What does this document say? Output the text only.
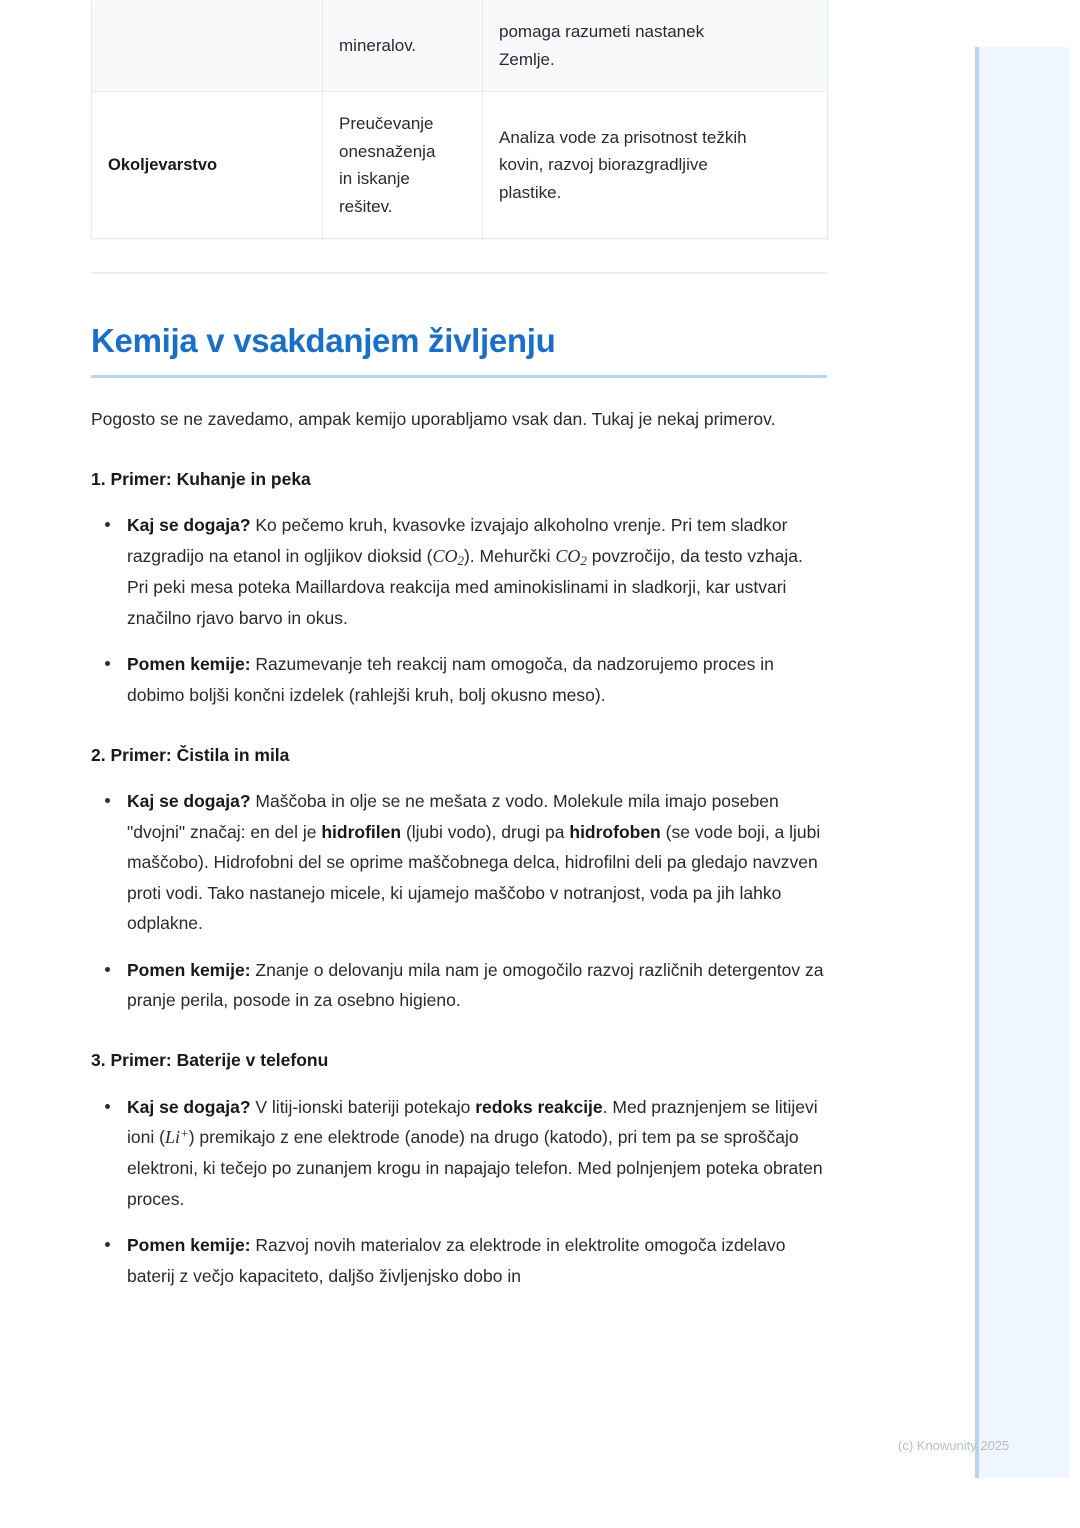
	mineralov.	pomaga razumeti nastanek
Zemlje.

Okoljevarstvo	Preučevanje
onesnaženja
in iskanje
rešitev.	Analiza vode za prisotnost težkih
kovin, razvoj biorazgradljive
plastike.
Kemija v vsakdanjem življenju

Pogosto se ne zavedamo, ampak kemijo uporabljamo vsak dan. Tukaj je nekaj primerov.

1. Primer: Kuhanje in peka
Kaj se dogaja? Ko pečemo kruh, kvasovke izvajajo alkoholno vrenje. Pri tem sladkor razgradijo na etanol in ogljikov dioksid $(CO_2)$. Mehurčki $CO_2$ povzročijo, da testo vzhaja. Pri peki mesa poteka Maillardova reakcija med aminokislinami in sladkorji, kar ustvari značilno rjavo barvo in okus.
Pomen kemije: Razumevanje teh reakcij nam omogoča, da nadzorujemo proces in dobimo boljši končni izdelek (rahlejši kruh, bolj okusno meso).
2. Primer: Čistila in mila
Kaj se dogaja? Maščoba in olje se ne mešata z vodo. Molekule mila imajo poseben "dvojni" značaj: en del je hidrofilen (ljubi vodo), drugi pa hidrofoben (se vode boji, a ljubi maščobo). Hidrofobni del se oprime maščobnega delca, hidrofilni deli pa gledajo navzven proti vodi. Tako nastanejo micele, ki ujamejo maščobo v notranjost, voda pa jih lahko odplakne.
Pomen kemije: Znanje o delovanju mila nam je omogočilo razvoj različnih detergentov za pranje perila, posode in za osebno higieno.
3. Primer: Baterije v telefonu
Kaj se dogaja? V litij-ionski bateriji potekajo redoks reakcije. Med praznjenjem se litijevi ioni (Li+) premikajo z ene elektrode (anode) na drugo (katodo), pri tem pa se sproščajo elektroni, ki tečejo po zunanjem krogu in napajajo telefon. Med polnjenjem poteka obraten proces.
Pomen kemije: Razvoj novih materialov za elektrode in elektrolite omogoča izdelavo baterij z večjo kapaciteto, daljšo življenjsko dobo in
(c) Knowunity 2025
